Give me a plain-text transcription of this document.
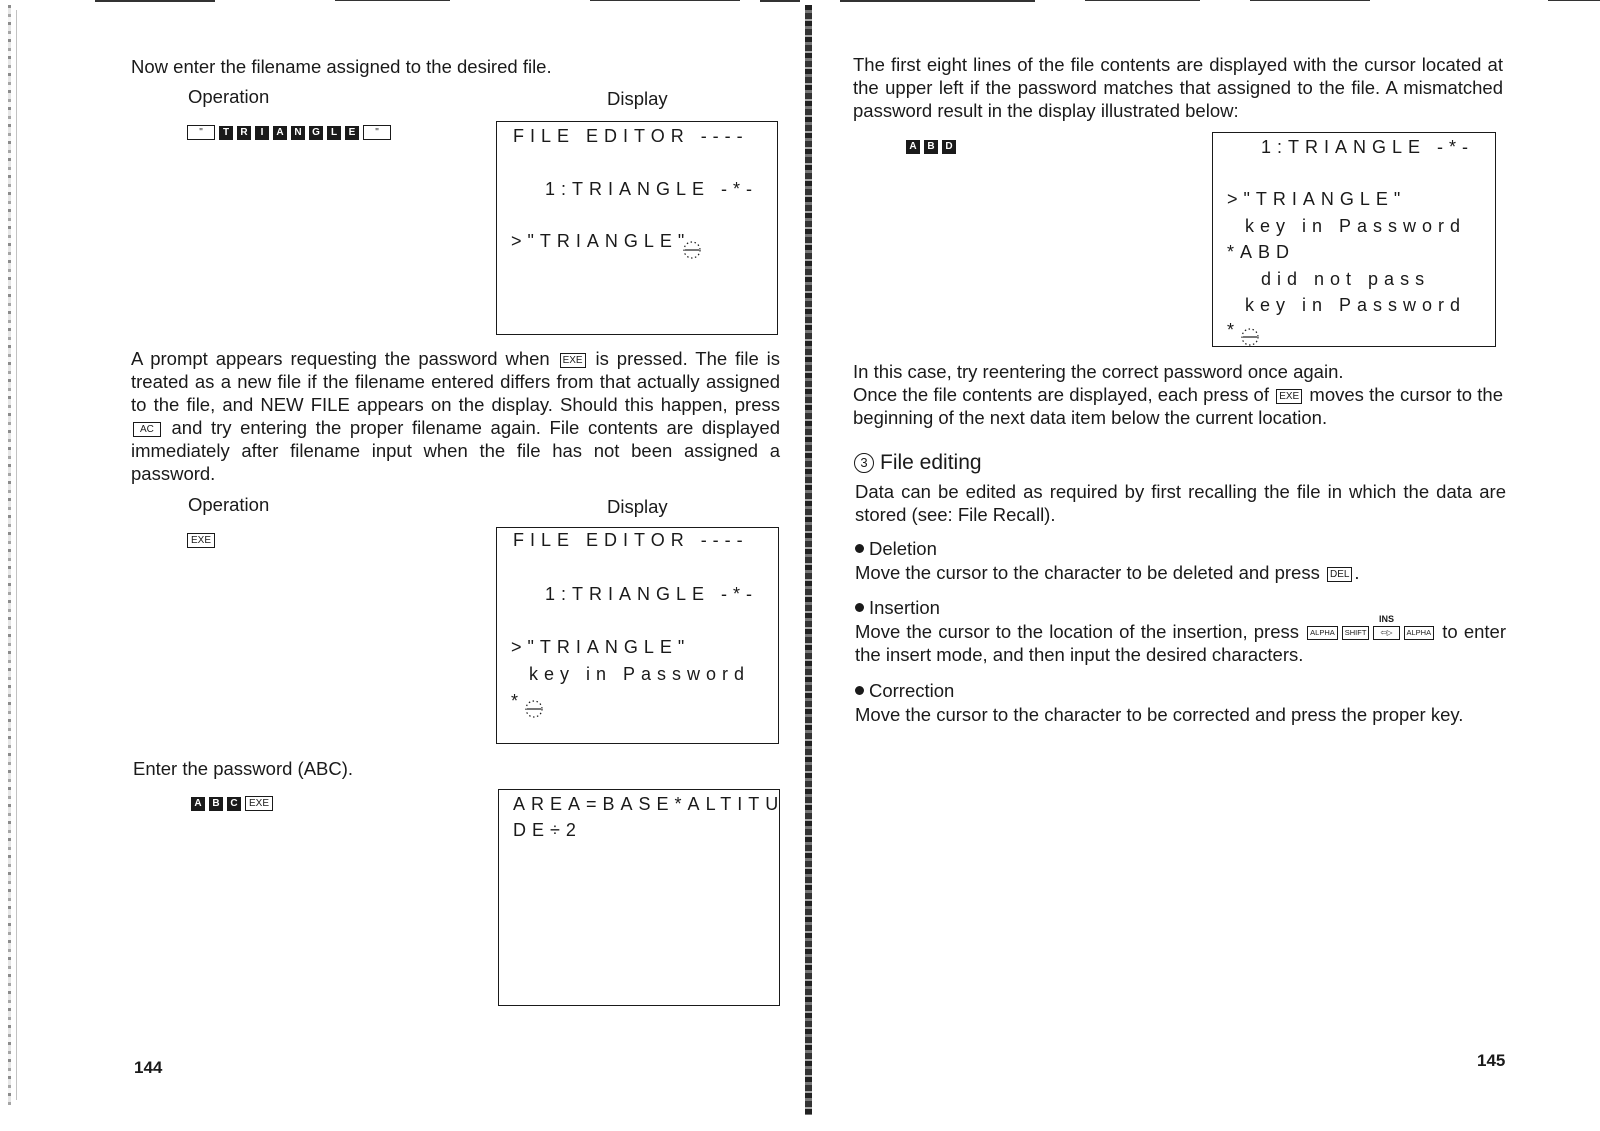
Now enter the filename assigned to the desired file.

Operation	Display
"	T	R	I	A	N	G	L	E	"	FILE EDITOR ----
1:TRIANGLE -*-
>"TRIANGLE"

A prompt appears requesting the password when EXE is pressed. The file is treated as a new file if the filename entered differs from that actually assigned to the file, and NEW FILE appears on the display. Should this happen, press AC and try entering the proper filename again. File contents are displayed immediately after filename input when the file has not been assigned a password.

Operation	Display
EXE	FILE EDITOR ----
1:TRIANGLE -*-
>"TRIANGLE"
key in Password
*

Enter the password (ABC).

A	B	C	EXE	AREA=BASE*ALTITU
DE÷2
144

The first eight lines of the file contents are displayed with the cursor located at the upper left if the password matches that assigned to the file. A mismatched password result in the display illustrated below:

A	B	D	1:TRIANGLE -*-
>"TRIANGLE"
key in Password
*ABD
did not pass
key in Password
*

In this case, try reentering the correct password once again.

Once the file contents are displayed, each press of EXE moves the cursor to the beginning of the next data item below the current location.

3 File editing

Data can be edited as required by first recalling the file in which the data are stored (see: File Recall).

Deletion

Move the cursor to the character to be deleted and press DEL .

Insertion

Move the cursor to the location of the insertion, press ALPHA SHIFT
INS
⇦▷ ALPHA to enter the insert mode, and then input the desired characters.

Correction

Move the cursor to the character to be corrected and press the proper key.

145
